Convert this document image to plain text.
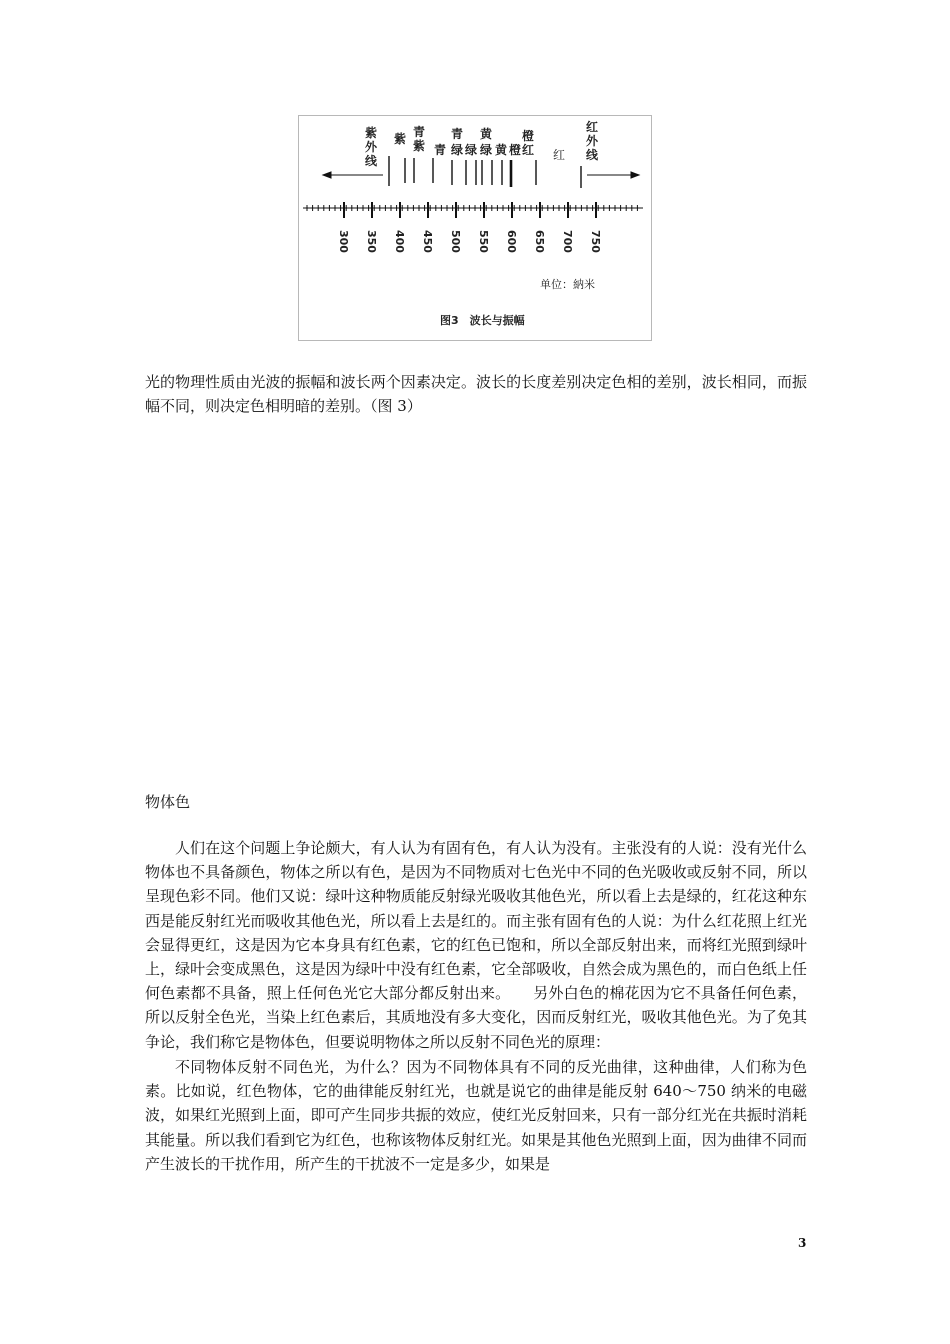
紫
外
线
紫 青
紫 青
青
绿 绿
黄
绿 黄 橙
橙
红 红
红
外
线
300 350 400 450 500 550 600 650 700 750
单位：納米
图3　波长与振幅

光的物理性质由光波的振幅和波长两个因素决定。波长的长度差别决定色相的差别，波长相同，而振幅不同，则决定色相明暗的差别。（图 3）

物体色

人们在这个问题上争论颇大，有人认为有固有色，有人认为没有。主张没有的人说：没有光什么物体也不具备颜色，物体之所以有色，是因为不同物质对七色光中不同的色光吸收或反射不同，所以呈现色彩不同。他们又说：绿叶这种物质能反射绿光吸收其他色光，所以看上去是绿的，红花这种东西是能反射红光而吸收其他色光，所以看上去是红的。而主张有固有色的人说：为什么红花照上红光会显得更红，这是因为它本身具有红色素，它的红色已饱和，所以全部反射出来，而将红光照到绿叶上，绿叶会变成黑色，这是因为绿叶中没有红色素，它全部吸收，自然会成为黑色的，而白色纸上任何色素都不具备，照上任何色光它大部分都反射出来。　　另外白色的棉花因为它不具备任何色素，所以反射全色光，当染上红色素后，其质地没有多大变化，因而反射红光，吸收其他色光。为了免其争论，我们称它是物体色，但要说明物体之所以反射不同色光的原理：

不同物体反射不同色光，为什么？因为不同物体具有不同的反光曲律，这种曲律，人们称为色素。比如说，红色物体，它的曲律能反射红光，也就是说它的曲律是能反射 640～750 纳米的电磁波，如果红光照到上面，即可产生同步共振的效应，使红光反射回来，只有一部分红光在共振时消耗其能量。所以我们看到它为红色，也称该物体反射红光。如果是其他色光照到上面，因为曲律不同而产生波长的干扰作用，所产生的干扰波不一定是多少，如果是

3
